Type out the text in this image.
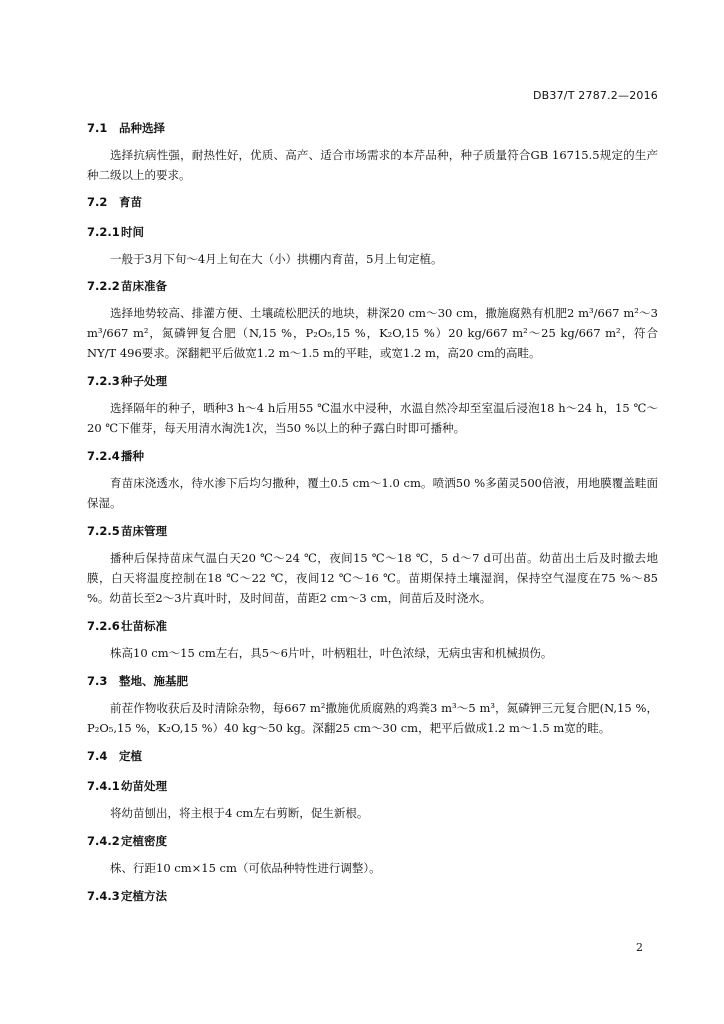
DB37/T 2787.2—2016

7.1 品种选择

选择抗病性强，耐热性好，优质、高产、适合市场需求的本芹品种，种子质量符合GB 16715.5规定的生产种二级以上的要求。

7.2 育苗

7.2.1时间

一般于3月下旬～4月上旬在大（小）拱棚内育苗，5月上旬定植。

7.2.2苗床准备

选择地势较高、排灌方便、土壤疏松肥沃的地块，耕深20 cm～30 cm，撒施腐熟有机肥2 m³/667 m²～3 m³/667 m²，氮磷钾复合肥（N,15 %，P₂O₅,15 %，K₂O,15 %）20 kg/667 m²～25 kg/667 m²，符合NY/T 496要求。深翻耙平后做宽1.2 m～1.5 m的平畦，或宽1.2 m，高20 cm的高畦。

7.2.3种子处理

选择隔年的种子，晒种3 h～4 h后用55 ℃温水中浸种，水温自然冷却至室温后浸泡18 h～24 h，15 ℃～20 ℃下催芽，每天用清水淘洗1次，当50 %以上的种子露白时即可播种。

7.2.4播种

育苗床浇透水，待水渗下后均匀撒种，覆土0.5 cm～1.0 cm。喷洒50 %多菌灵500倍液，用地膜覆盖畦面保湿。

7.2.5苗床管理

播种后保持苗床气温白天20 ℃～24 ℃，夜间15 ℃～18 ℃，5 d～7 d可出苗。幼苗出土后及时撤去地膜，白天将温度控制在18 ℃～22 ℃，夜间12 ℃～16 ℃。苗期保持土壤湿润，保持空气湿度在75 %～85 %。幼苗长至2～3片真叶时，及时间苗，苗距2 cm～3 cm，间苗后及时浇水。

7.2.6壮苗标准

株高10 cm～15 cm左右，具5～6片叶，叶柄粗壮，叶色浓绿，无病虫害和机械损伤。

7.3 整地、施基肥

前茬作物收获后及时清除杂物，每667 m²撒施优质腐熟的鸡粪3 m³～5 m³，氮磷钾三元复合肥(N,15 %，P₂O₅,15 %，K₂O,15 %）40 kg～50 kg。深翻25 cm～30 cm，耙平后做成1.2 m～1.5 m宽的畦。

7.4 定植

7.4.1幼苗处理

将幼苗刨出，将主根于4 cm左右剪断，促生新根。

7.4.2定植密度

株、行距10 cm×15 cm（可依品种特性进行调整）。

7.4.3定植方法

2
